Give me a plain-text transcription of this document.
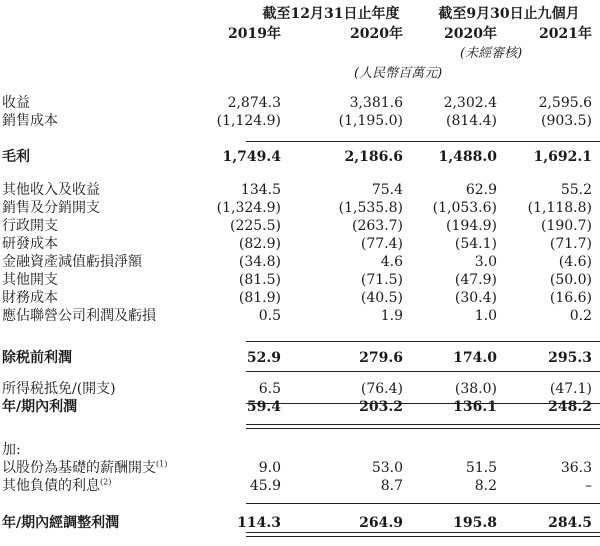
截至12月31日止年度	截至9月30日止九個月
2019年	2020年	2020年	2021年
(未經審核)
(人民幣百萬元)
收益	2,874.3	3,381.6	2,302.4	2,595.6
銷售成本	(1,124.9)	(1,195.0)	(814.4)	(903.5)
毛利	1,749.4	2,186.6	1,488.0	1,692.1
其他收入及收益	134.5	75.4	62.9	55.2
銷售及分銷開支	(1,324.9)	(1,535.8) (1,053.6) (1,118.8)
行政開支	(225.5)	(263.7)	(194.9)	(190.7)
研發成本	(82.9)	(77.4)	(54.1)	(71.7)
金融資產減值虧損淨額	(34.8)	4.6	3.0	(4.6)
其他開支	(81.5)	(71.5)	(47.9)	(50.0)
財務成本	(81.9)	(40.5)	(30.4)	(16.6)
應佔聯營公司利潤及虧損	0.5	1.9	1.0	0.2
除税前利潤	52.9	279.6	174.0	295.3
所得税抵免/(開支)	6.5	(76.4)	(38.0)	(47.1)
年/期內利潤	59.4	203.2	136.1	248.2
加:
以股份為基礎的薪酬開支$^{(1)}$	9.0	53.0	51.5	36.3
其他負債的利息$^{(2)}$	45.9	8.7	8.2	–
年/期內經調整利潤	114.3	264.9	195.8	284.5
